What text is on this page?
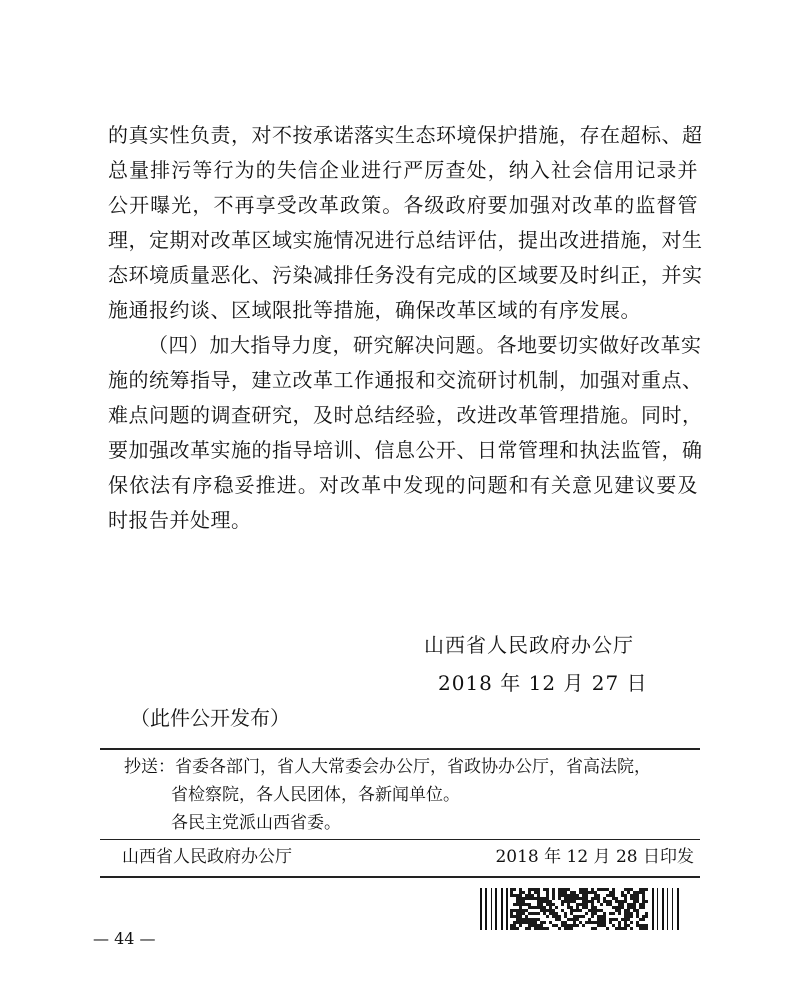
的真实性负责，对不按承诺落实生态环境保护措施，存在超标、超
总量排污等行为的失信企业进行严厉查处，纳入社会信用记录并
公开曝光，不再享受改革政策。各级政府要加强对改革的监督管
理，定期对改革区域实施情况进行总结评估，提出改进措施，对生
态环境质量恶化、污染减排任务没有完成的区域要及时纠正，并实
施通报约谈、区域限批等措施，确保改革区域的有序发展。
（四）加大指导力度，研究解决问题。各地要切实做好改革实
施的统筹指导，建立改革工作通报和交流研讨机制，加强对重点、
难点问题的调查研究，及时总结经验，改进改革管理措施。同时，
要加强改革实施的指导培训、信息公开、日常管理和执法监管，确
保依法有序稳妥推进。对改革中发现的问题和有关意见建议要及
时报告并处理。
山西省人民政府办公厅
2018 年 12 月 27 日
（此件公开发布）
抄送：省委各部门，省人大常委会办公厅，省政协办公厅，省高法院，
省检察院，各人民团体，各新闻单位。
各民主党派山西省委。
山西省人民政府办公厅	2018 年 12 月 28 日印发
— 44 —
